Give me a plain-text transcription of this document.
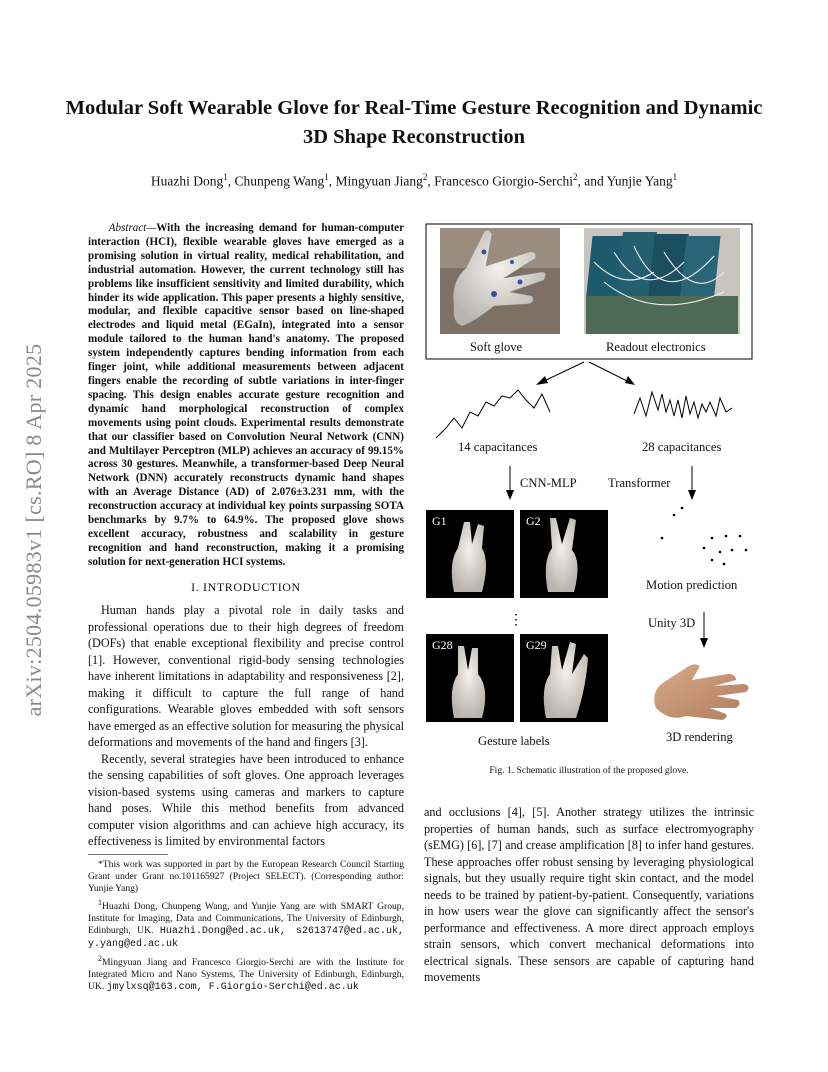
arXiv:2504.05983v1 [cs.RO] 8 Apr 2025
Modular Soft Wearable Glove for Real-Time Gesture Recognition and Dynamic 3D Shape Reconstruction
Huazhi Dong$^1$, Chunpeng Wang$^1$, Mingyuan Jiang$^2$, Francesco Giorgio-Serchi$^2$, and Yunjie Yang$^1$

Abstract—With the increasing demand for human-computer interaction (HCI), flexible wearable gloves have emerged as a promising solution in virtual reality, medical rehabilitation, and industrial automation. However, the current technology still has problems like insufficient sensitivity and limited durability, which hinder its wide application. This paper presents a highly sensitive, modular, and flexible capacitive sensor based on line-shaped electrodes and liquid metal (EGaIn), integrated into a sensor module tailored to the human hand's anatomy. The proposed system independently captures bending information from each finger joint, while additional measurements between adjacent fingers enable the recording of subtle variations in inter-finger spacing. This design enables accurate gesture recognition and dynamic hand morphological reconstruction of complex movements using point clouds. Experimental results demonstrate that our classifier based on Convolution Neural Network (CNN) and Multilayer Perceptron (MLP) achieves an accuracy of 99.15% across 30 gestures. Meanwhile, a transformer-based Deep Neural Network (DNN) accurately reconstructs dynamic hand shapes with an Average Distance (AD) of 2.076±3.231 mm, with the reconstruction accuracy at individual key points surpassing SOTA benchmarks by 9.7% to 64.9%. The proposed glove shows excellent accuracy, robustness and scalability in gesture recognition and hand reconstruction, making it a promising solution for next-generation HCI systems.

I. INTRODUCTION

Human hands play a pivotal role in daily tasks and professional operations due to their high degrees of freedom (DOFs) that enable exceptional flexibility and precise control [1]. However, conventional rigid-body sensing technologies have inherent limitations in adaptability and responsiveness [2], making it difficult to capture the full range of hand configurations. Wearable gloves embedded with soft sensors have emerged as an effective solution for measuring the physical deformations and movements of the hand and fingers [3].

Recently, several strategies have been introduced to enhance the sensing capabilities of soft gloves. One approach leverages vision-based systems using cameras and markers to capture hand poses. While this method benefits from advanced computer vision algorithms and can achieve high accuracy, its effectiveness is limited by environmental factors

*This work was supported in part by the European Research Council Starting Grant under Grant no.101165927 (Project SELECT). (Corresponding author: Yunjie Yang)

$^1$Huazhi Dong, Chunpeng Wang, and Yunjie Yang are with SMART Group, Institute for Imaging, Data and Communications, The University of Edinburgh, Edinburgh, UK. Huazhi.Dong@ed.ac.uk, s2613747@ed.ac.uk, y.yang@ed.ac.uk

$^2$Mingyuan Jiang and Francesco Giorgio-Serchi are with the Institute for Integrated Micro and Nano Systems, The University of Edinburgh, Edinburgh, UK. jmylxsq@163.com, F.Giorgio-Serchi@ed.ac.uk

⋮
Soft glove	Readout electronics
14 capacitances	28 capacitances
CNN-MLP Transformer
G1	G2
G28	G29
Motion prediction
Unity 3D
Gesture labels	3D rendering
Fig. 1. Schematic illustration of the proposed glove.

and occlusions [4], [5]. Another strategy utilizes the intrinsic properties of human hands, such as surface electromyography (sEMG) [6], [7] and crease amplification [8] to infer hand gestures. These approaches offer robust sensing by leveraging physiological signals, but they usually require tight skin contact, and the model needs to be trained by patient-by-patient. Consequently, variations in how users wear the glove can significantly affect the sensor's performance and effectiveness. A more direct approach employs strain sensors, which convert mechanical deformations into electrical signals. These sensors are capable of capturing hand movements
